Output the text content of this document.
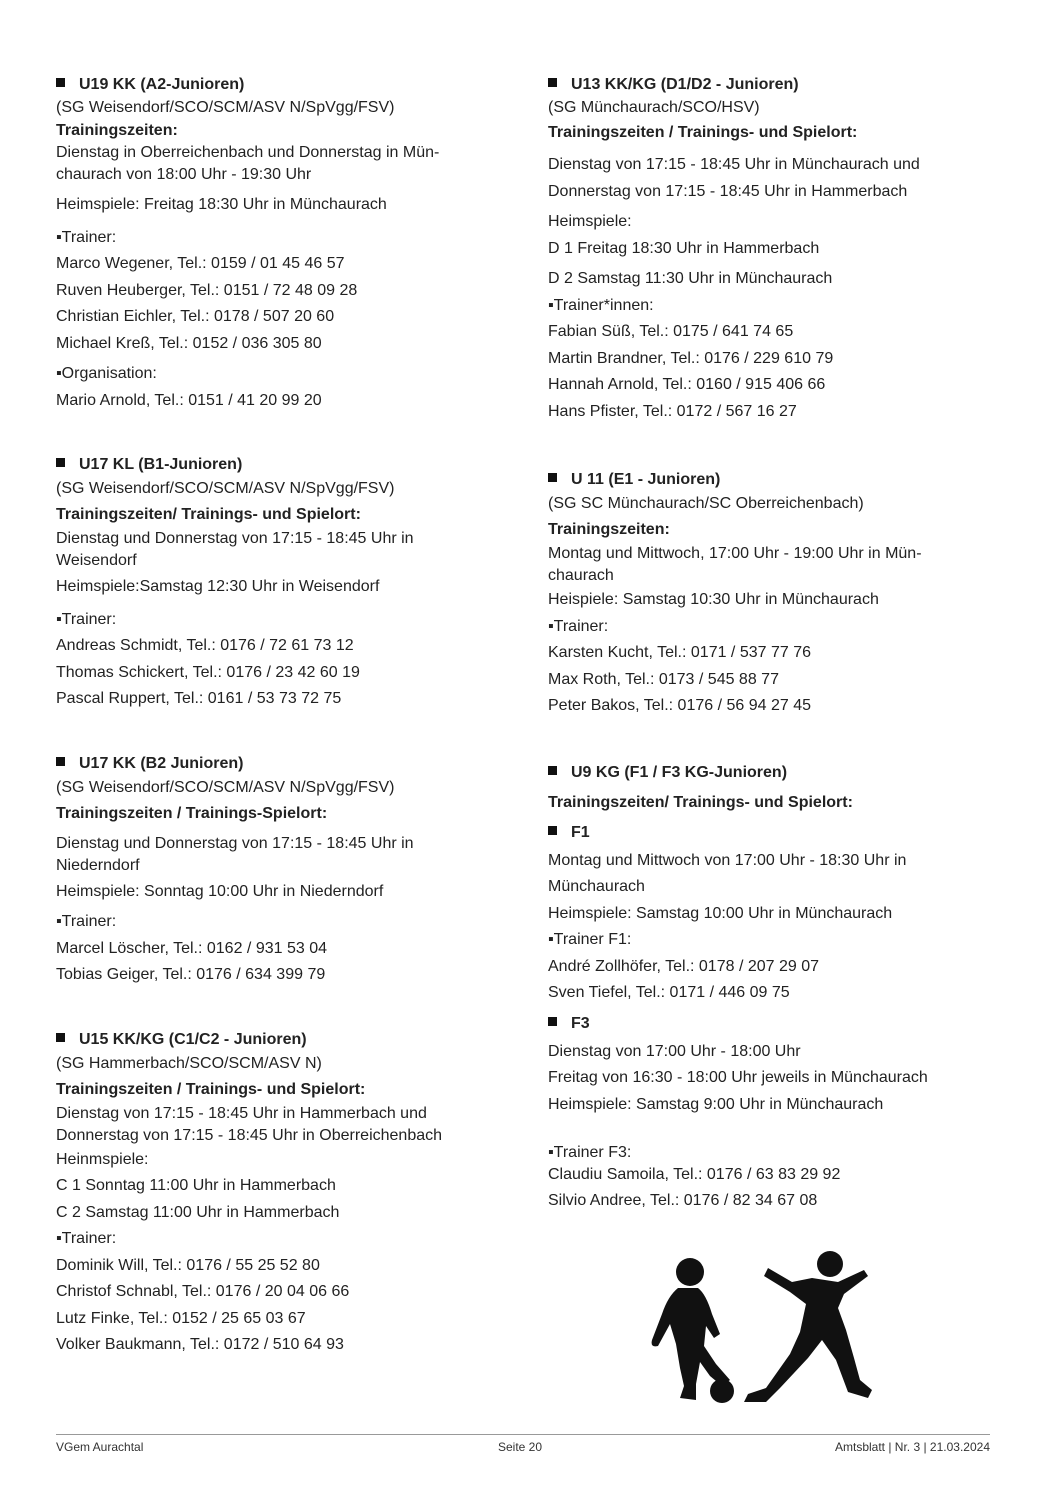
U19 KK (A2-Junioren)
(SG Weisendorf/SCO/SCM/ASV N/SpVgg/FSV)
Trainingszeiten:
Dienstag in Oberreichenbach und Donnerstag in Mün-
chaurach von 18:00 Uhr - 19:30 Uhr
Heimspiele: Freitag 18:30 Uhr in Münchaurach
▪Trainer:
Marco Wegener, Tel.: 0159 / 01 45 46 57
Ruven Heuberger, Tel.: 0151 / 72 48 09 28
Christian Eichler, Tel.: 0178 / 507 20 60
Michael Kreß, Tel.: 0152 / 036 305 80
▪Organisation:
Mario Arnold, Tel.: 0151 / 41 20 99 20
U17 KL (B1-Junioren)
(SG Weisendorf/SCO/SCM/ASV N/SpVgg/FSV)
Trainingszeiten/ Trainings- und Spielort:
Dienstag und Donnerstag von 17:15 - 18:45 Uhr in
Weisendorf
Heimspiele:Samstag 12:30 Uhr in Weisendorf
▪Trainer:
Andreas Schmidt, Tel.: 0176 / 72 61 73 12
Thomas Schickert, Tel.: 0176 / 23 42 60 19
Pascal Ruppert, Tel.: 0161 / 53 73 72 75
U17 KK (B2 Junioren)
(SG Weisendorf/SCO/SCM/ASV N/SpVgg/FSV)
Trainingszeiten / Trainings-Spielort:
Dienstag und Donnerstag von 17:15 - 18:45 Uhr in
Niederndorf
Heimspiele: Sonntag 10:00 Uhr in Niederndorf
▪Trainer:
Marcel Löscher, Tel.: 0162 / 931 53 04
Tobias Geiger, Tel.: 0176 / 634 399 79
U15 KK/KG (C1/C2 - Junioren)
(SG Hammerbach/SCO/SCM/ASV N)
Trainingszeiten / Trainings- und Spielort:
Dienstag von 17:15 - 18:45 Uhr in Hammerbach und
Donnerstag von 17:15 - 18:45 Uhr in Oberreichenbach
Heinmspiele:
C 1 Sonntag 11:00 Uhr in Hammerbach
C 2 Samstag 11:00 Uhr in Hammerbach
▪Trainer:
Dominik Will, Tel.: 0176 / 55 25 52 80
Christof Schnabl, Tel.: 0176 / 20 04 06 66
Lutz Finke, Tel.: 0152 / 25 65 03 67
Volker Baukmann, Tel.: 0172 / 510 64 93
U13 KK/KG (D1/D2 - Junioren)
(SG Münchaurach/SCO/HSV)
Trainingszeiten / Trainings- und Spielort:
Dienstag von 17:15 - 18:45 Uhr in Münchaurach und
Donnerstag von 17:15 - 18:45 Uhr in Hammerbach
Heimspiele:
D 1 Freitag 18:30 Uhr in Hammerbach
D 2 Samstag 11:30 Uhr in Münchaurach
▪Trainer*innen:
Fabian Süß, Tel.: 0175 / 641 74 65
Martin Brandner, Tel.: 0176 / 229 610 79
Hannah Arnold, Tel.: 0160 / 915 406 66
Hans Pfister, Tel.: 0172 / 567 16 27
U 11 (E1 - Junioren)
(SG SC Münchaurach/SC Oberreichenbach)
Trainingszeiten:
Montag und Mittwoch, 17:00 Uhr - 19:00 Uhr in Mün-
chaurach
Heispiele: Samstag 10:30 Uhr in Münchaurach
▪Trainer:
Karsten Kucht, Tel.: 0171 / 537 77 76
Max Roth, Tel.: 0173 / 545 88 77
Peter Bakos, Tel.: 0176 / 56 94 27 45
U9 KG (F1 / F3 KG-Junioren)
Trainingszeiten/ Trainings- und Spielort:
F1
Montag und Mittwoch von 17:00 Uhr - 18:30 Uhr in
Münchaurach
Heimspiele: Samstag 10:00 Uhr in Münchaurach
▪Trainer F1:
André Zollhöfer, Tel.: 0178 / 207 29 07
Sven Tiefel, Tel.: 0171 / 446 09 75
F3
Dienstag von 17:00 Uhr - 18:00 Uhr
Freitag von 16:30 - 18:00 Uhr jeweils in Münchaurach
Heimspiele: Samstag 9:00 Uhr in Münchaurach
▪Trainer F3:
Claudiu Samoila, Tel.: 0176 / 63 83 29 92
Silvio Andree, Tel.: 0176 / 82 34 67 08
VGem Aurachtal	Seite 20	Amtsblatt | Nr. 3 | 21.03.2024
